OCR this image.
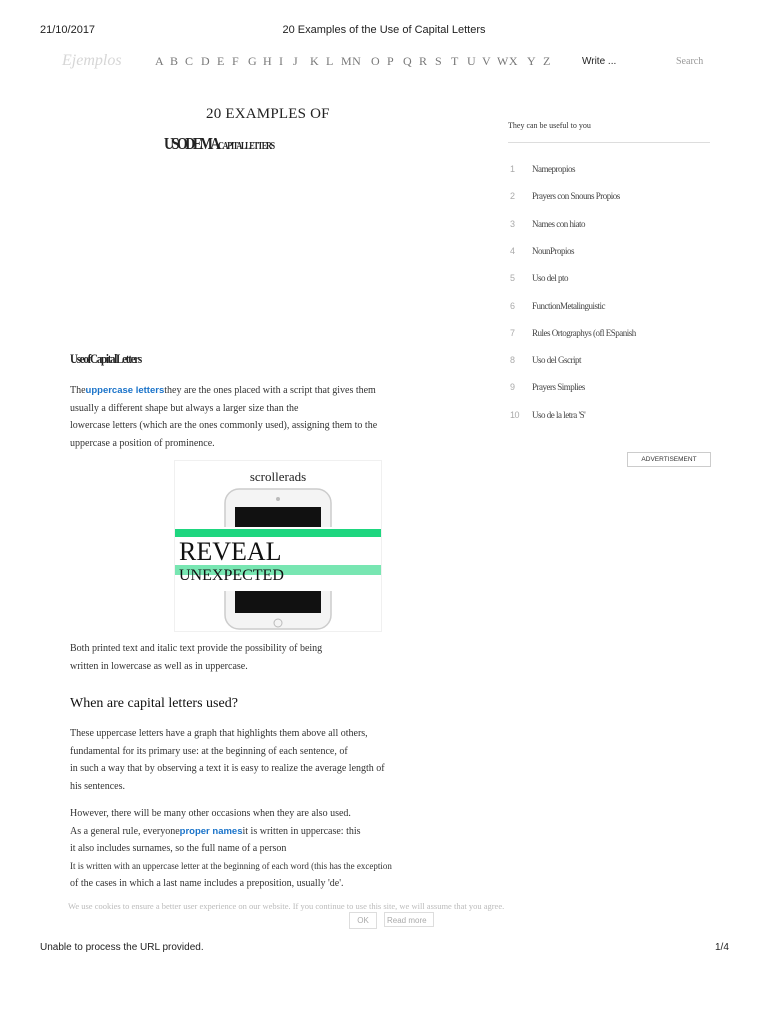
21/10/2017	20 Examples of the Use of Capital Letters
Ejemplos	A B C D E F G H I J K L MN O P Q R S T U V WX Y Z	Write ...	Search
20 EXAMPLES OF
USODEMACAPITALLETTERS
They can be useful to you
1 Namepropios
2 Prayers con Snouns Propios
3 Names con hiato
4 NounPropios
5 Uso del pto
6 FunctionMetalinguistic
7 Rules Ortographys (ofl ESpanish
8 Uso del Gscript
9 Prayers Simplies
10 Uso de la letra 'S'
ADVERTISEMENT
UseofCapitalLetters
Theuppercase lettersthey are the ones placed with a script that gives them
usually a different shape but always a larger size than the
lowercase letters (which are the ones commonly used), assigning them to the
uppercase a position of prominence.
scrollerads
REVEAL
UNEXPECTED
Both printed text and italic text provide the possibility of being
written in lowercase as well as in uppercase.
When are capital letters used?
These uppercase letters have a graph that highlights them above all others,
fundamental for its primary use: at the beginning of each sentence, of
in such a way that by observing a text it is easy to realize the average length of
his sentences.
However, there will be many other occasions when they are also used.
As a general rule, everyoneproper namesit is written in uppercase: this
it also includes surnames, so the full name of a person
It is written with an uppercase letter at the beginning of each word (this has the exception
of the cases in which a last name includes a preposition, usually 'de'.
We use cookies to ensure a better user experience on our website. If you continue to use this site, we will assume that you agree.
OK	Read more
Unable to process the URL provided.	1/4
